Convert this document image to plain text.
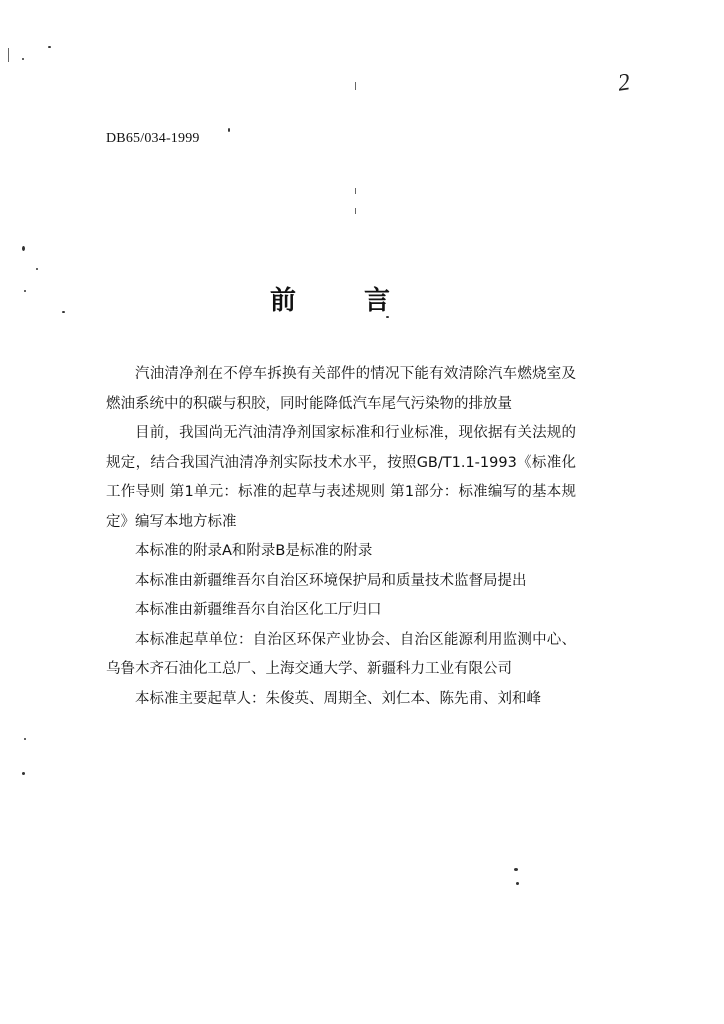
DB65/034-1999
2
前	言

汽油清净剂在不停车拆换有关部件的情况下能有效清除汽车燃烧室及燃油系统中的积碳与积胶，同时能降低汽车尾气污染物的排放量

目前，我国尚无汽油清净剂国家标准和行业标准，现依据有关法规的规定，结合我国汽油清净剂实际技术水平，按照GB/T1.1-1993《标准化工作导则 第1单元：标准的起草与表述规则 第1部分：标准编写的基本规定》编写本地方标准

本标准的附录A和附录B是标准的附录

本标准由新疆维吾尔自治区环境保护局和质量技术监督局提出

本标准由新疆维吾尔自治区化工厅归口

本标准起草单位：自治区环保产业协会、自治区能源利用监测中心、乌鲁木齐石油化工总厂、上海交通大学、新疆科力工业有限公司

本标准主要起草人：朱俊英、周期全、刘仁本、陈先甫、刘和峰
